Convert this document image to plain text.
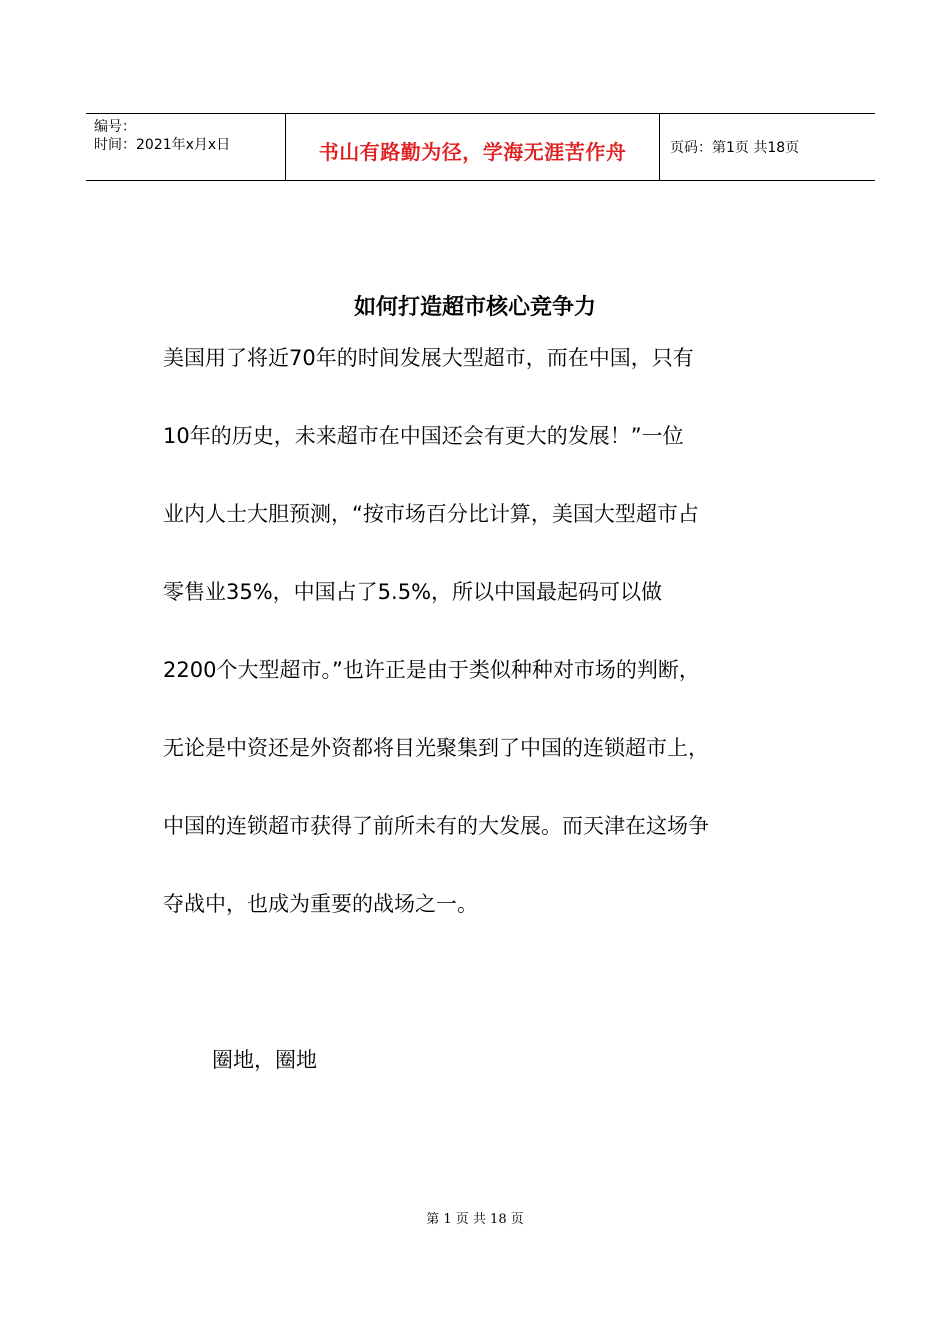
编号：
时间：2021年x月x日	书山有路勤为径，学海无涯苦作舟	页码：第1页 共18页
如何打造超市核心竞争力
美国用了将近70年的时间发展大型超市，而在中国，只有
10年的历史，未来超市在中国还会有更大的发展！”一位
业内人士大胆预测，“按市场百分比计算，美国大型超市占
零售业35%，中国占了5.5%，所以中国最起码可以做
2200个大型超市。”也许正是由于类似种种对市场的判断，
无论是中资还是外资都将目光聚集到了中国的连锁超市上，
中国的连锁超市获得了前所未有的大发展。而天津在这场争
夺战中，也成为重要的战场之一。

圈地，圈地

第 1 页 共 18 页
